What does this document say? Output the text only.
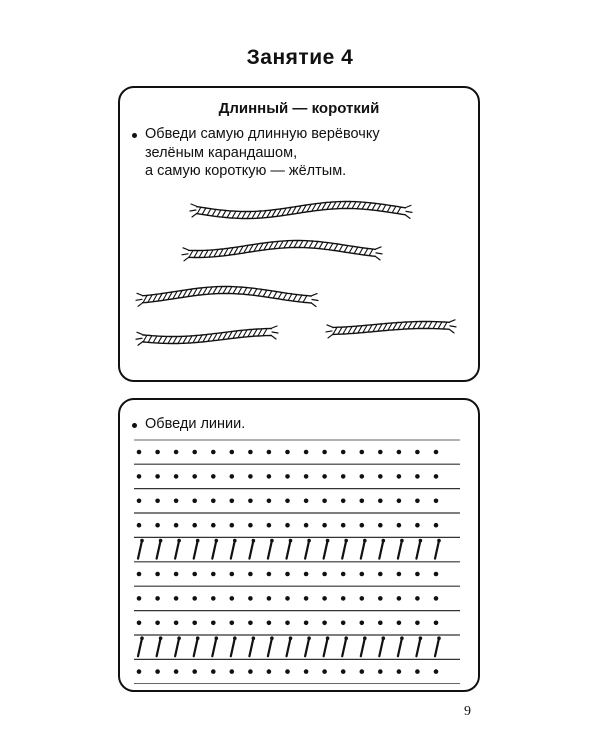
Занятие 4
Длинный — короткий
Обведи самую длинную верёвочку
зелёным карандашом,
а самую короткую — жёлтым.
Обведи линии.
9
